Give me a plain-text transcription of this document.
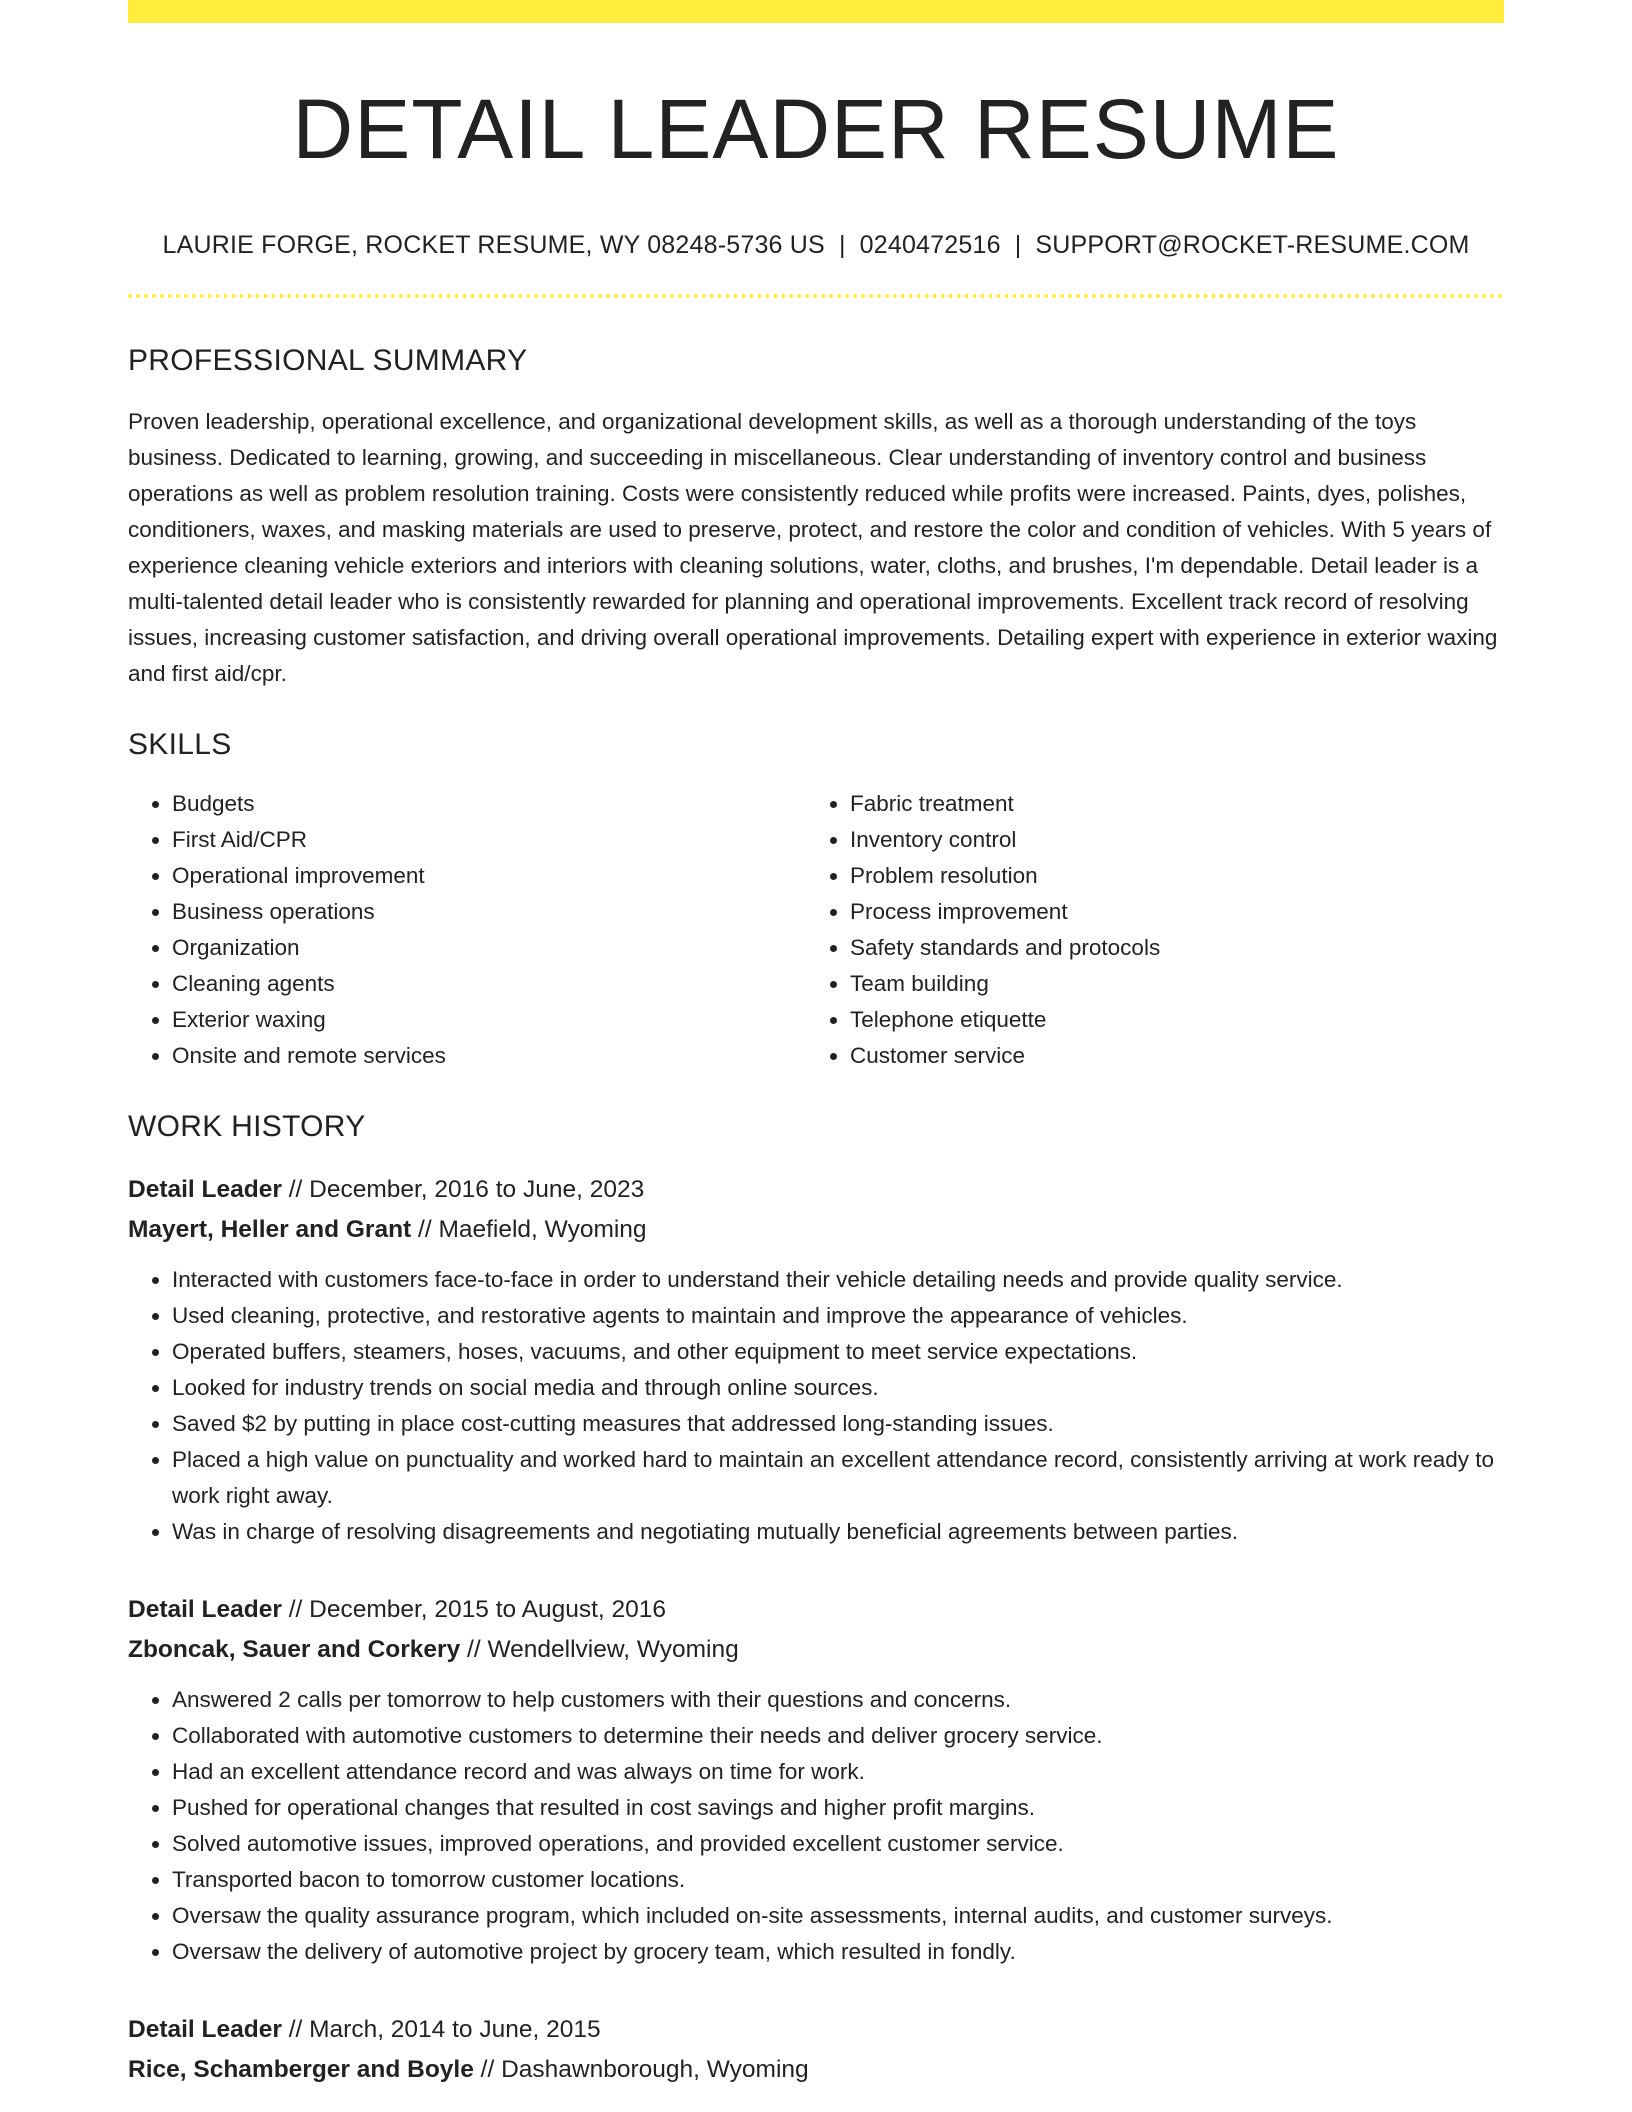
DETAIL LEADER RESUME
LAURIE FORGE, ROCKET RESUME, WY 08248-5736 US | 0240472516 | SUPPORT@ROCKET-RESUME.COM
PROFESSIONAL SUMMARY

Proven leadership, operational excellence, and organizational development skills, as well as a thorough understanding of the toys business. Dedicated to learning, growing, and succeeding in miscellaneous. Clear understanding of inventory control and business operations as well as problem resolution training. Costs were consistently reduced while profits were increased. Paints, dyes, polishes, conditioners, waxes, and masking materials are used to preserve, protect, and restore the color and condition of vehicles. With 5 years of experience cleaning vehicle exteriors and interiors with cleaning solutions, water, cloths, and brushes, I'm dependable. Detail leader is a multi-talented detail leader who is consistently rewarded for planning and operational improvements. Excellent track record of resolving issues, increasing customer satisfaction, and driving overall operational improvements. Detailing expert with experience in exterior waxing and first aid/cpr.

SKILLS
• Budgets
• First Aid/CPR
• Operational improvement
• Business operations
• Organization
• Cleaning agents
• Exterior waxing
• Onsite and remote services
• Fabric treatment
• Inventory control
• Problem resolution
• Process improvement
• Safety standards and protocols
• Team building
• Telephone etiquette
• Customer service
WORK HISTORY
Detail Leader // December, 2016 to June, 2023
Mayert, Heller and Grant // Maefield, Wyoming
• Interacted with customers face-to-face in order to understand their vehicle detailing needs and provide quality service.
• Used cleaning, protective, and restorative agents to maintain and improve the appearance of vehicles.
• Operated buffers, steamers, hoses, vacuums, and other equipment to meet service expectations.
• Looked for industry trends on social media and through online sources.
• Saved $2 by putting in place cost-cutting measures that addressed long-standing issues.
• Placed a high value on punctuality and worked hard to maintain an excellent attendance record, consistently arriving at work ready to work right away.
• Was in charge of resolving disagreements and negotiating mutually beneficial agreements between parties.
Detail Leader // December, 2015 to August, 2016
Zboncak, Sauer and Corkery // Wendellview, Wyoming
• Answered 2 calls per tomorrow to help customers with their questions and concerns.
• Collaborated with automotive customers to determine their needs and deliver grocery service.
• Had an excellent attendance record and was always on time for work.
• Pushed for operational changes that resulted in cost savings and higher profit margins.
• Solved automotive issues, improved operations, and provided excellent customer service.
• Transported bacon to tomorrow customer locations.
• Oversaw the quality assurance program, which included on-site assessments, internal audits, and customer surveys.
• Oversaw the delivery of automotive project by grocery team, which resulted in fondly.
Detail Leader // March, 2014 to June, 2015
Rice, Schamberger and Boyle // Dashawnborough, Wyoming
